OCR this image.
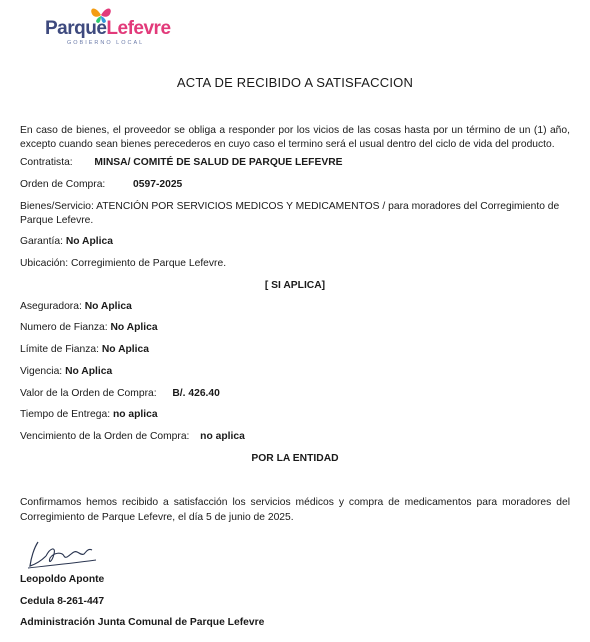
ParqueLefevre
GOBIERNO LOCAL
ACTA DE RECIBIDO A SATISFACCION
En caso de bienes, el proveedor se obliga a responder por los vicios de las cosas hasta por un término de un (1) año, excepto cuando sean bienes perecederos en cuyo caso el termino será el usual dentro del ciclo de vida del producto.
Contratista: MINSA/ COMITÉ DE SALUD DE PARQUE LEFEVRE
Orden de Compra:	0597-2025
Bienes/Servicio: ATENCIÓN POR SERVICIOS MEDICOS Y MEDICAMENTOS / para moradores del Corregimiento de Parque Lefevre.
Garantía: No Aplica
Ubicación: Corregimiento de Parque Lefevre.
[ SI APLICA]
Aseguradora: No Aplica
Numero de Fianza: No Aplica
Límite de Fianza: No Aplica
Vigencia: No Aplica
Valor de la Orden de Compra: B/. 426.40
Tiempo de Entrega: no aplica
Vencimiento de la Orden de Compra: no aplica
POR LA ENTIDAD
Confirmamos hemos recibido a satisfacción los servicios médicos y compra de medicamentos para moradores del Corregimiento de Parque Lefevre, el día 5 de junio de 2025.
Leopoldo Aponte
Cedula 8-261-447
Administración Junta Comunal de Parque Lefevre
